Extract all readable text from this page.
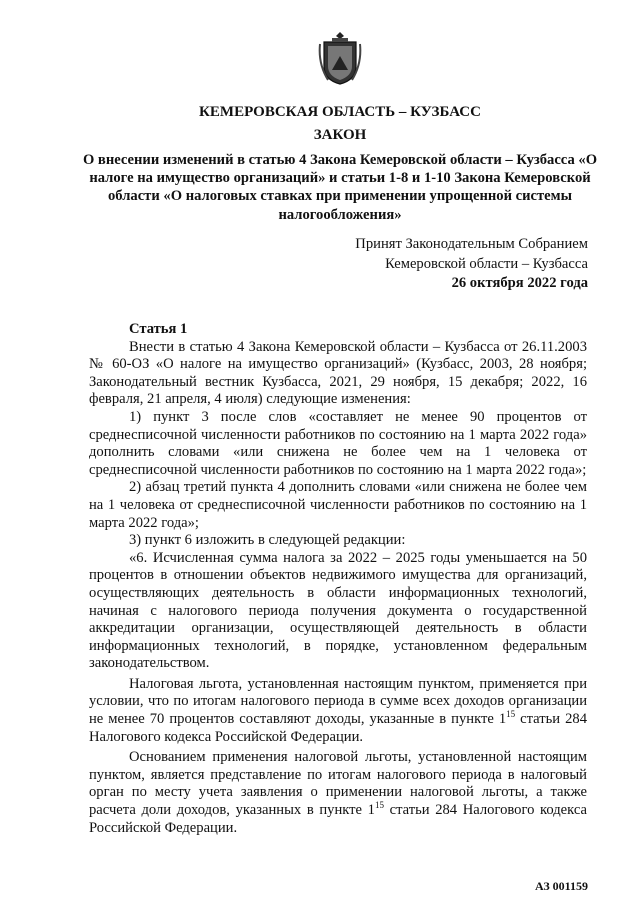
КЕМЕРОВСКАЯ ОБЛАСТЬ – КУЗБАСС
ЗАКОН
О внесении изменений в статью 4 Закона Кемеровской области – Кузбасса «О налоге на имущество организаций» и статьи 1-8 и 1-10 Закона Кемеровской области «О налоговых ставках при применении упрощенной системы налогообложения»
Принят Законодательным Собранием
Кемеровской области – Кузбасса
26 октября 2022 года

Статья 1

Внести в статью 4 Закона Кемеровской области – Кузбасса от 26.11.2003 № 60-ОЗ «О налоге на имущество организаций» (Кузбасс, 2003, 28 ноября; Законодательный вестник Кузбасса, 2021, 29 ноября, 15 декабря; 2022, 16 февраля, 21 апреля, 4 июля) следующие изменения:

1) пункт 3 после слов «составляет не менее 90 процентов от среднесписочной численности работников по состоянию на 1 марта 2022 года» дополнить словами «или снижена не более чем на 1 человека от среднесписочной численности работников по состоянию на 1 марта 2022 года»;

2) абзац третий пункта 4 дополнить словами «или снижена не более чем на 1 человека от среднесписочной численности работников по состоянию на 1 марта 2022 года»;

3) пункт 6 изложить в следующей редакции:

«6. Исчисленная сумма налога за 2022 – 2025 годы уменьшается на 50 процентов в отношении объектов недвижимого имущества для организаций, осуществляющих деятельность в области информационных технологий, начиная с налогового периода получения документа о государственной аккредитации организации, осуществляющей деятельность в области информационных технологий, в порядке, установленном федеральным законодательством.

Налоговая льгота, установленная настоящим пунктом, применяется при условии, что по итогам налогового периода в сумме всех доходов организации не менее 70 процентов составляют доходы, указанные в пункте $1^{15}$ статьи 284 Налогового кодекса Российской Федерации.

Основанием применения налоговой льготы, установленной настоящим пунктом, является представление по итогам налогового периода в налоговый орган по месту учета заявления о применении налоговой льготы, а также расчета доли доходов, указанных в пункте $1^{15}$ статьи 284 Налогового кодекса Российской Федерации.

АЗ 001159
